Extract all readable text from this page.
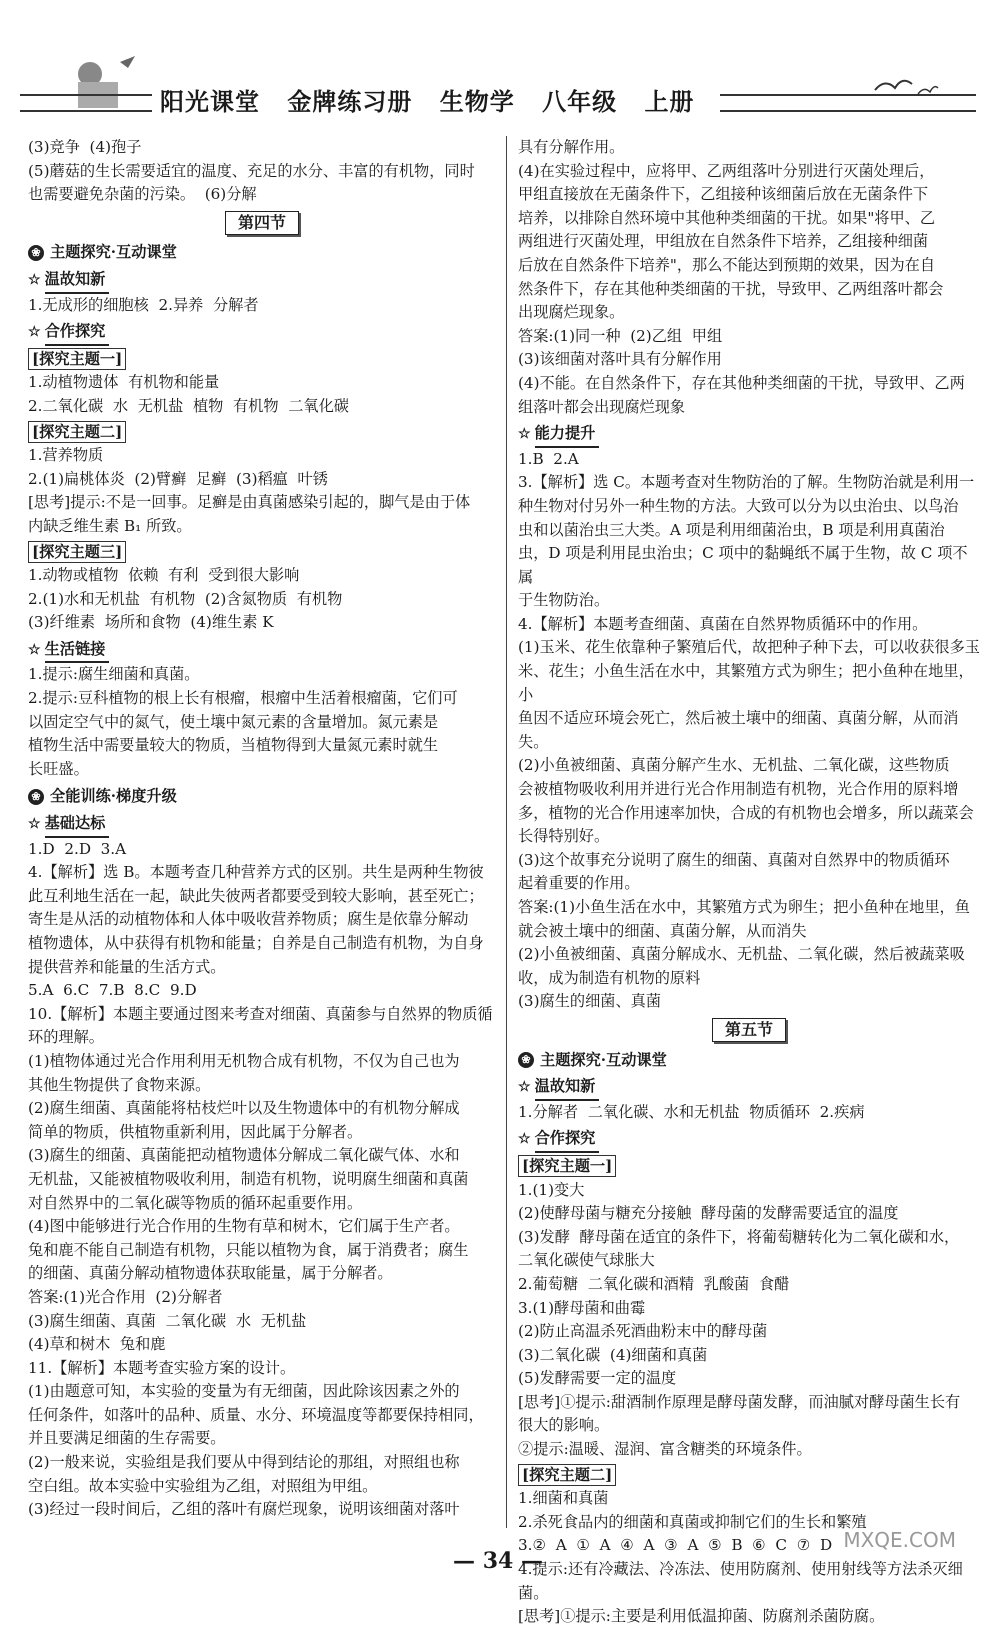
阳光课堂 金牌练习册 生物学 八年级 上册
(3)竞争  (4)孢子
(5)蘑菇的生长需要适宜的温度、充足的水分、丰富的有机物，同时
也需要避免杂菌的污染。  (6)分解
第四节
❀ 主题探究·互动课堂
☆ 温故知新
1.无成形的细胞核  2.异养  分解者
☆ 合作探究
[探究主题一]
1.动植物遗体  有机物和能量
2.二氧化碳  水  无机盐  植物  有机物  二氧化碳
[探究主题二]
1.营养物质
2.(1)扁桃体炎  (2)臂癣  足癣  (3)稻瘟  叶锈
[思考]提示:不是一回事。足癣是由真菌感染引起的，脚气是由于体
内缺乏维生素 B₁ 所致。
[探究主题三]
1.动物或植物  依赖  有利  受到很大影响
2.(1)水和无机盐  有机物  (2)含氮物质  有机物
(3)纤维素  场所和食物  (4)维生素 K
☆ 生活链接
1.提示:腐生细菌和真菌。
2.提示:豆科植物的根上长有根瘤，根瘤中生活着根瘤菌，它们可
以固定空气中的氮气，使土壤中氮元素的含量增加。氮元素是
植物生活中需要量较大的物质，当植物得到大量氮元素时就生
长旺盛。
❀ 全能训练·梯度升级
☆ 基础达标
1.D  2.D  3.A
4.【解析】选 B。本题考查几种营养方式的区别。共生是两种生物彼
此互利地生活在一起，缺此失彼两者都要受到较大影响，甚至死亡；
寄生是从活的动植物体和人体中吸收营养物质；腐生是依靠分解动
植物遗体，从中获得有机物和能量；自养是自己制造有机物，为自身
提供营养和能量的生活方式。
5.A  6.C  7.B  8.C  9.D
10.【解析】本题主要通过图来考查对细菌、真菌参与自然界的物质循
环的理解。
(1)植物体通过光合作用利用无机物合成有机物，不仅为自己也为
其他生物提供了食物来源。
(2)腐生细菌、真菌能将枯枝烂叶以及生物遗体中的有机物分解成
简单的物质，供植物重新利用，因此属于分解者。
(3)腐生的细菌、真菌能把动植物遗体分解成二氧化碳气体、水和
无机盐，又能被植物吸收利用，制造有机物，说明腐生细菌和真菌
对自然界中的二氧化碳等物质的循环起重要作用。
(4)图中能够进行光合作用的生物有草和树木，它们属于生产者。
兔和鹿不能自己制造有机物，只能以植物为食，属于消费者；腐生
的细菌、真菌分解动植物遗体获取能量，属于分解者。
答案:(1)光合作用  (2)分解者
(3)腐生细菌、真菌  二氧化碳  水  无机盐
(4)草和树木  兔和鹿
11.【解析】本题考查实验方案的设计。
(1)由题意可知，本实验的变量为有无细菌，因此除该因素之外的
任何条件，如落叶的品种、质量、水分、环境温度等都要保持相同，
并且要满足细菌的生存需要。
(2)一般来说，实验组是我们要从中得到结论的那组，对照组也称
空白组。故本实验中实验组为乙组，对照组为甲组。
(3)经过一段时间后，乙组的落叶有腐烂现象，说明该细菌对落叶
具有分解作用。
(4)在实验过程中，应将甲、乙两组落叶分别进行灭菌处理后，
甲组直接放在无菌条件下，乙组接种该细菌后放在无菌条件下
培养，以排除自然环境中其他种类细菌的干扰。如果"将甲、乙
两组进行灭菌处理，甲组放在自然条件下培养，乙组接种细菌
后放在自然条件下培养"，那么不能达到预期的效果，因为在自
然条件下，存在其他种类细菌的干扰，导致甲、乙两组落叶都会
出现腐烂现象。
答案:(1)同一种  (2)乙组  甲组
(3)该细菌对落叶具有分解作用
(4)不能。在自然条件下，存在其他种类细菌的干扰，导致甲、乙两
组落叶都会出现腐烂现象
☆ 能力提升
1.B  2.A
3.【解析】选 C。本题考查对生物防治的了解。生物防治就是利用一
种生物对付另外一种生物的方法。大致可以分为以虫治虫、以鸟治
虫和以菌治虫三大类。A 项是利用细菌治虫，B 项是利用真菌治
虫，D 项是利用昆虫治虫；C 项中的黏蝇纸不属于生物，故 C 项不属
于生物防治。
4.【解析】本题考查细菌、真菌在自然界物质循环中的作用。
(1)玉米、花生依靠种子繁殖后代，故把种子种下去，可以收获很多玉
米、花生；小鱼生活在水中，其繁殖方式为卵生；把小鱼种在地里，小
鱼因不适应环境会死亡，然后被土壤中的细菌、真菌分解，从而消失。
(2)小鱼被细菌、真菌分解产生水、无机盐、二氧化碳，这些物质
会被植物吸收利用并进行光合作用制造有机物，光合作用的原料增
多，植物的光合作用速率加快，合成的有机物也会增多，所以蔬菜会
长得特别好。
(3)这个故事充分说明了腐生的细菌、真菌对自然界中的物质循环
起着重要的作用。
答案:(1)小鱼生活在水中，其繁殖方式为卵生；把小鱼种在地里，鱼
就会被土壤中的细菌、真菌分解，从而消失
(2)小鱼被细菌、真菌分解成水、无机盐、二氧化碳，然后被蔬菜吸
收，成为制造有机物的原料
(3)腐生的细菌、真菌
第五节
❀ 主题探究·互动课堂
☆ 温故知新
1.分解者  二氧化碳、水和无机盐  物质循环  2.疾病
☆ 合作探究
[探究主题一]
1.(1)变大
(2)使酵母菌与糖充分接触  酵母菌的发酵需要适宜的温度
(3)发酵  酵母菌在适宜的条件下，将葡萄糖转化为二氧化碳和水，
二氧化碳使气球胀大
2.葡萄糖  二氧化碳和酒精  乳酸菌  食醋
3.(1)酵母菌和曲霉
(2)防止高温杀死酒曲粉末中的酵母菌
(3)二氧化碳  (4)细菌和真菌
(5)发酵需要一定的温度
[思考]①提示:甜酒制作原理是酵母菌发酵，而油腻对酵母菌生长有
很大的影响。
②提示:温暖、湿润、富含糖类的环境条件。
[探究主题二]
1.细菌和真菌
2.杀死食品内的细菌和真菌或抑制它们的生长和繁殖
3.②  A  ①  A  ④  A  ③  A  ⑤  B  ⑥  C  ⑦  D
4.提示:还有冷藏法、冷冻法、使用防腐剂、使用射线等方法杀灭细菌。
[思考]①提示:主要是利用低温抑菌、防腐剂杀菌防腐。
— 34 —
MXQE.COM
